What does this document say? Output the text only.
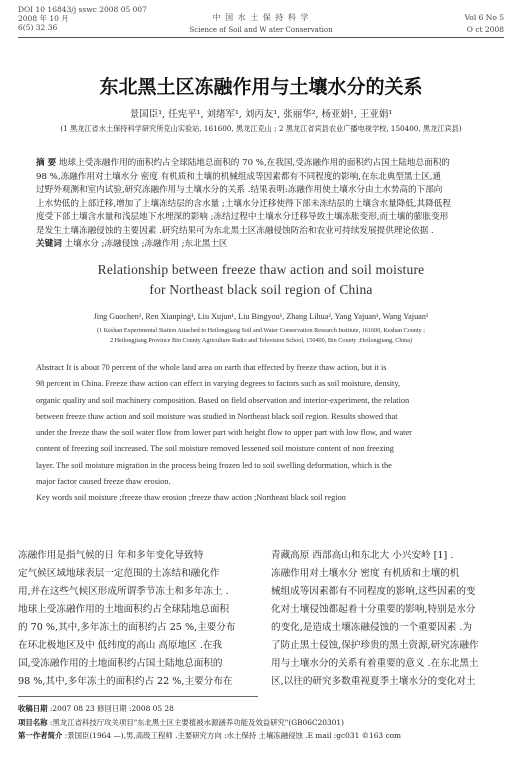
DOI 10 16843/j sswc 2008 05 007
2008 年 10 月
6(5) 32 36
中 国 水 土 保 持 科 学
Science of Soil and W ater Conservation
Vol 6 No 5
O ct 2008
东北黑土区冻融作用与土壤水分的关系
景国臣¹, 任宪平¹, 刘绪军¹, 刘丙友¹, 张丽华², 杨亚娟¹, 王亚娟¹
(1 黑龙江省水土保持科学研究所克山实验站, 161600, 黑龙江克山 ; 2 黑龙江省宾县农业广播电视学校, 150400, 黑龙江宾县)
摘 要 地球上受冻融作用的面积约占全球陆地总面积的 70 %,在我国,受冻融作用的面积约占国土陆地总面积的
98 %,冻融作用对土壤水分 密度 有机质和土壤的机械组成等因素都有不同程度的影响,在东北典型黑土区,通
过野外观测和室内试验,研究冻融作用与土壤水分的关系 .结果表明:冻融作用使土壤水分由土水势高的下部向
上水势低的上部迁移,增加了上壤冻结层的含水量 ;土壤水分迁移使得下部未冻结层的土壤含水量降低,其降低程
度受下部土壤含水量和浅层地下水埋深的影响 ;冻结过程中土壤水分迁移导致土壤冻胀变形,而土壤的膨胀变形
是发生土壤冻融侵蚀的主要因素 .研究结果可为东北黑土区冻融侵蚀防治和农业可持续发展提供理论依据 .
关键词 土壤水分 ;冻融侵蚀 ;冻融作用 ;东北黑土区
Relationship between freeze thaw action and soil moisture
for Northeast black soil region of China
Jing Guochen¹, Ren Xianping¹, Liu Xujun¹, Liu Bingyou¹, Zhang Lihua², Yang Yajuan¹, Wang Yajuan¹
(1 Keshan Experimental Station Attached to Heilongjiang Soil and Water Conservation Research Institute, 161600, Keshan County ;
2 Heilongjiang Province Bin County Agriculture Radio and Television School, 150400, Bin County ;Heilongjiang, China)
Abstract It is about 70 percent of the whole land area on earth that effected by freeze thaw action, but it is
98 percent in China. Freeze thaw action can effect in varying degrees to factors such as soil moisture, density,
organic quality and soil machinery composition. Based on field observation and interior-experiment, the relation
between freeze thaw action and soil moisture was studied in Northeast black soil region. Results showed that
under the freeze thaw the soil water flow from lower part with height flow to upper part with low flow, and water
content of freezing soil increased. The soil moisture removed lessened soil moisture content of non freezing
layer. The soil moisture migration in the process being frozen led to soil swelling deformation, which is the
major factor caused freeze thaw erosion.
Key words soil moisture ;freeze thaw erosion ;freeze thaw action ;Northeast black soil region
冻融作用是指气候的日 年和多年变化导致特
定气候区域地球表层一定范围的土冻结和融化作
用,并在这些气候区形成所谓季节冻土和多年冻土 .
地球上受冻融作用的土地面积约占全球陆地总面积
的 70 %,其中,多年冻土的面积约占 25 %,主要分布
在环北极地区及中 低纬度的高山 高原地区 .在我
国,受冻融作用的土地面积约占国土陆地总面积的
98 %,其中,多年冻土的面积约占 22 %,主要分布在
青藏高原 西部高山和东北大 小兴安岭 [1] .
冻融作用对土壤水分 密度 有机质和土壤的机
械组成等因素都有不同程度的影响,这些因素的变
化对土壤侵蚀都起着十分重要的影响,特别是水分
的变化,是造成土壤冻融侵蚀的一个重要因素 .为
了防止黑土侵蚀,保护珍贵的黑土资源,研究冻融作
用与土壤水分的关系有着重要的意义 .在东北黑土
区,以往的研究多数重视夏季土壤水分的变化对土
收稿日期 :2007 08 23 修回日期 :2008 05 28
项目名称 :黑龙江省科技厅攻关项目"东北黑土区主要植被水源涵养功能及效益研究"(GB06C20301)
第一作者简介 :景国臣(1964 —),男,高级工程师 .主要研究方向 :水土保持 土壤冻融侵蚀 .E mail :gc031 ©163 com
